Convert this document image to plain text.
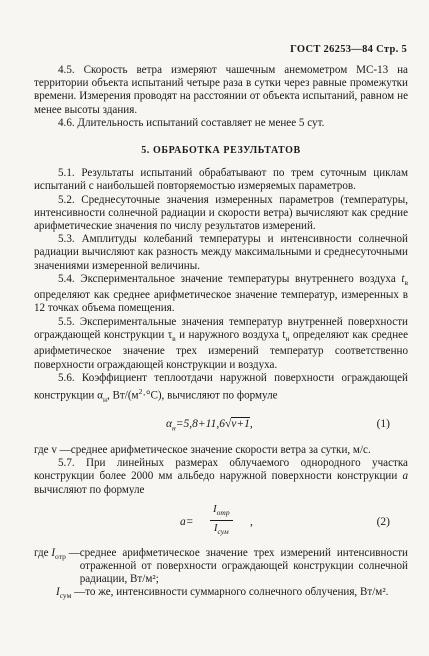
ГОСТ 26253—84 Стр. 5

4.5. Скорость ветра измеряют чашечным анемометром МС-13 на территории объекта испытаний четыре раза в сутки через равные промежутки времени. Измерения проводят на расстоянии от объекта испытаний, равном не менее высоты здания.

4.6. Длительность испытаний составляет не менее 5 сут.

5. ОБРАБОТКА РЕЗУЛЬТАТОВ

5.1. Результаты испытаний обрабатывают по трем суточным циклам испытаний с наибольшей повторяемостью измеряемых параметров.

5.2. Среднесуточные значения измеренных параметров (температуры, интенсивности солнечной радиации и скорости ветра) вычисляют как средние арифметические значения по числу результатов измерений.

5.3. Амплитуды колебаний температуры и интенсивности солнечной радиации вычисляют как разность между максимальными и среднесуточными значениями измеренной величины.

5.4. Экспериментальное значение температуры внутреннего воздуха $t_в$ определяют как среднее арифметическое значение температур, измеренных в 12 точках объема помещения.

5.5. Экспериментальные значения температур внутренней поверхности ограждающей конструкции $\tau_в$ и наружного воздуха $t_н$ определяют как среднее арифметическое значение трех измерений температур соответственно поверхности ограждающей конструкции и воздуха.

5.6. Коэффициент теплоотдачи наружной поверхности ограждающей конструкции $\alpha_н$, $Вт/(м^2\cdot^\circ С)$, вычисляют по формуле

$\alpha_н=5,8+11,6√v+1$,	(1)

где v — среднее арифметическое значение скорости ветра за сутки, м/с.

5.7. При линейных размерах облучаемого однородного участка конструкции более 2000 мм альбедо наружной поверхности конструкции a вычисляют по формуле

a=
$I_{отр}$
$I_{сум}$
,	(2)

где $I_{отр}$ — среднее арифметическое значение трех измерений интенсивности отраженной от поверхности ограждающей конструкции солнечной радиации, Вт/м²;

$I_{сум}$ — то же, интенсивности суммарного солнечного облучения, Вт/м².
